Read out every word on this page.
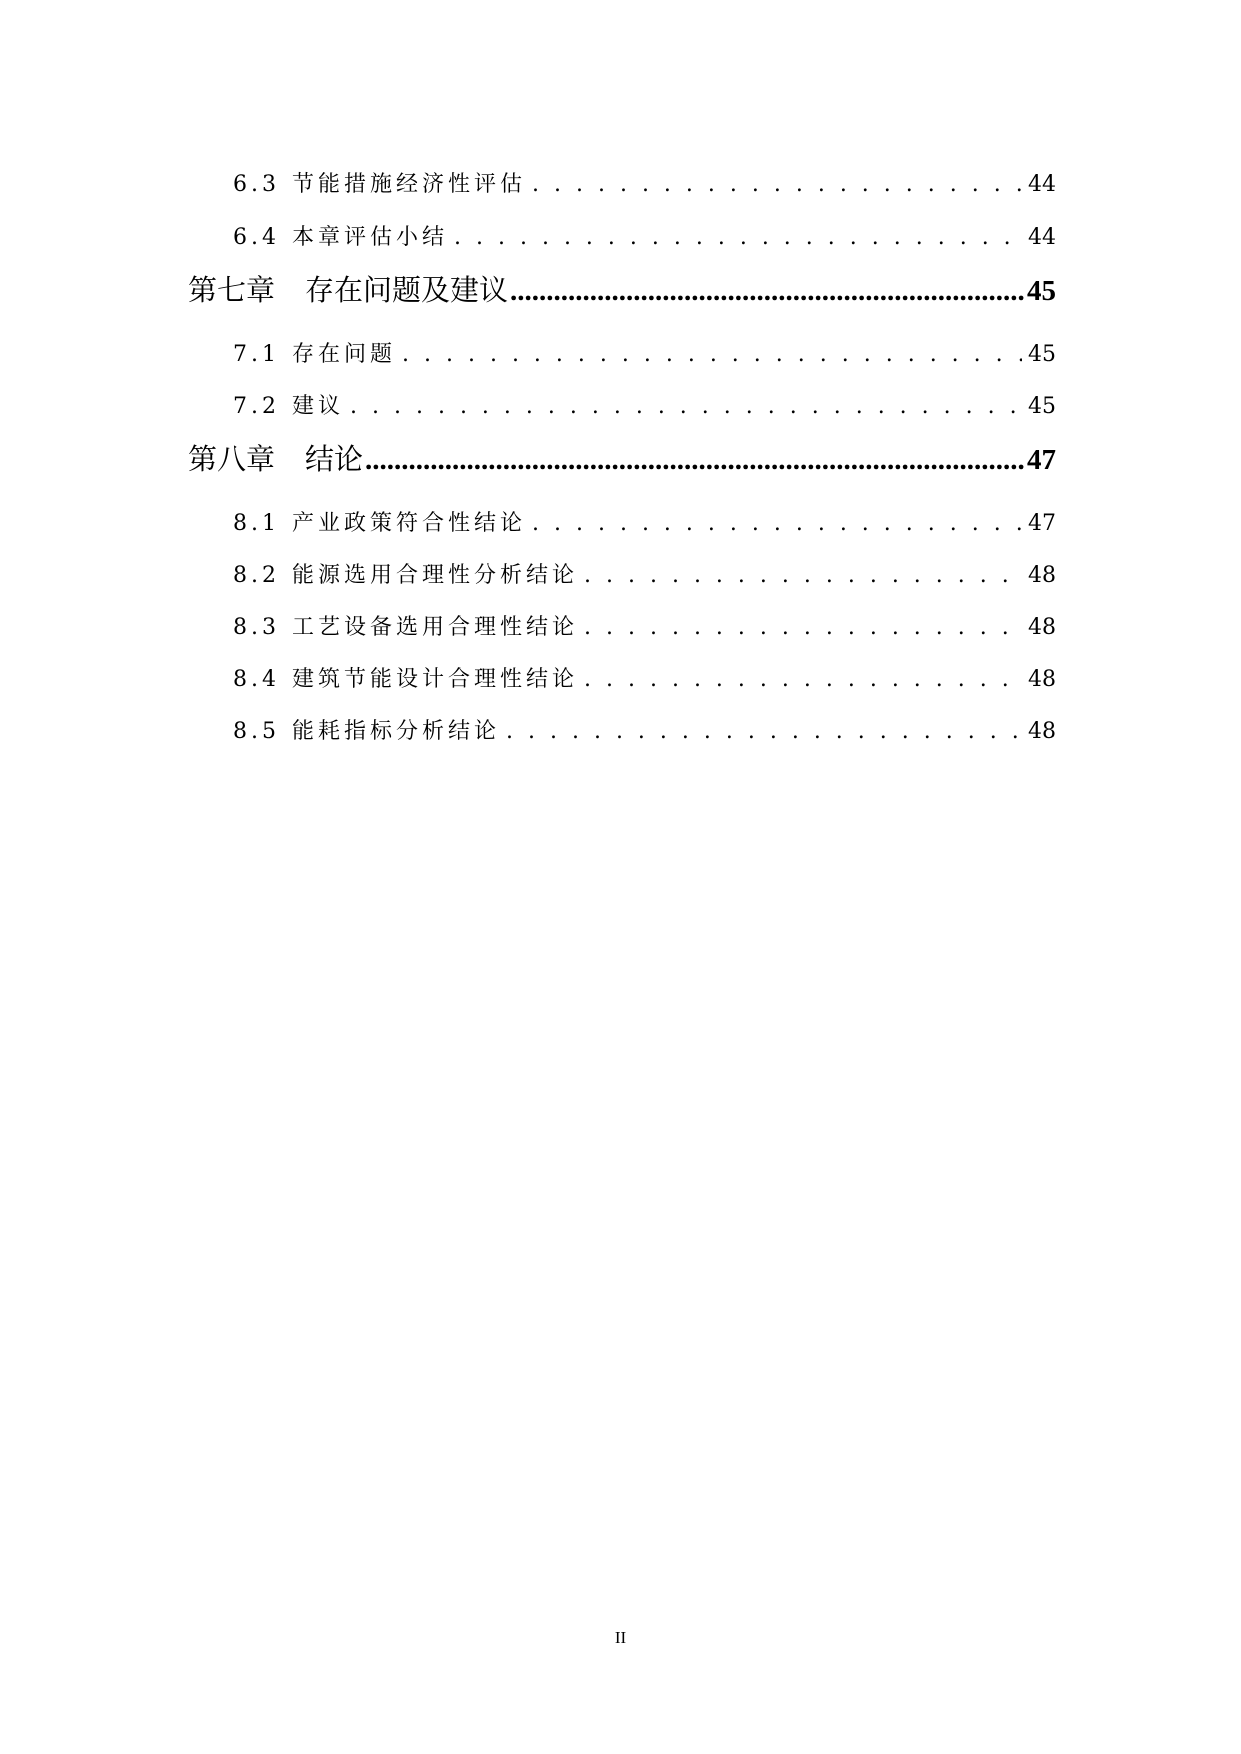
6.3 节能措施经济性评估 . . .	44
6.4 本章评估小结 . . .	44
第七章 存在问题及建议 .....	45
7.1 存在问题 . . .	45
7.2 建议 . . .	45
第八章 结论 .....	47
8.1 产业政策符合性结论 . . .	47
8.2 能源选用合理性分析结论 . . .	48
8.3 工艺设备选用合理性结论 . . .	48
8.4 建筑节能设计合理性结论 . . .	48
8.5 能耗指标分析结论 . . .	48
II
